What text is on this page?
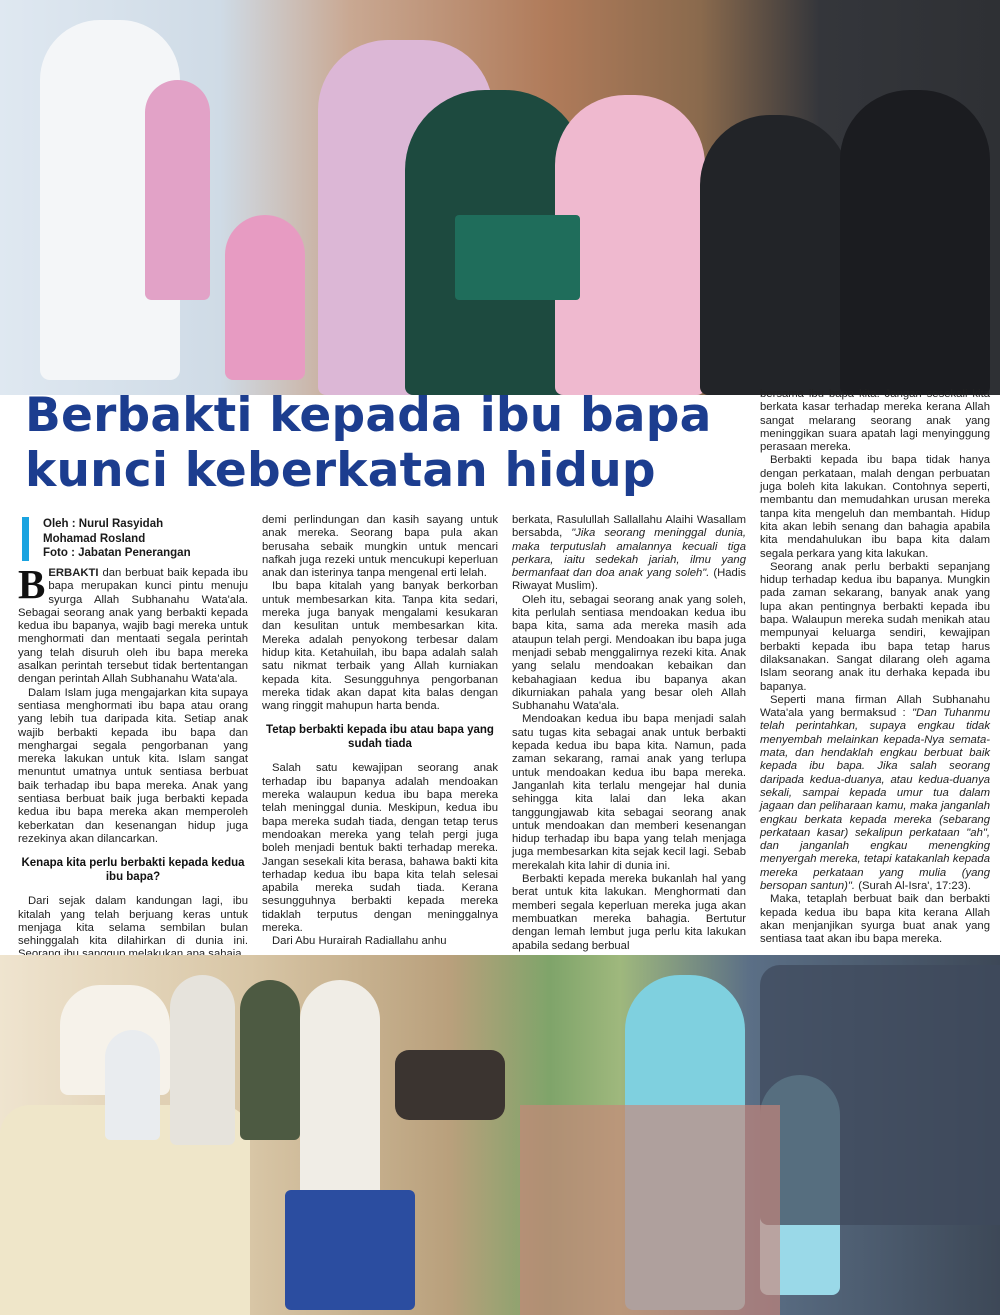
Berbakti kepada ibu bapa
kunci keberkatan hidup
Oleh : Nurul Rasyidah
Mohamad Rosland
Foto : Jabatan Penerangan

BERBAKTI dan berbuat baik kepada ibu bapa merupakan kunci pintu menuju syurga Allah Subhanahu Wata'ala. Sebagai seorang anak yang berbakti kepada kedua ibu bapanya, wajib bagi mereka untuk menghormati dan mentaati segala perintah yang telah disuruh oleh ibu bapa mereka asalkan perintah tersebut tidak bertentangan dengan perintah Allah Subhanahu Wata'ala.

Dalam Islam juga mengajarkan kita supaya sentiasa menghormati ibu bapa atau orang yang lebih tua daripada kita. Setiap anak wajib berbakti kepada ibu bapa dan menghargai segala pengorbanan yang mereka lakukan untuk kita. Islam sangat menuntut umatnya untuk sentiasa berbuat baik terhadap ibu bapa mereka. Anak yang sentiasa berbuat baik juga berbakti kepada kedua ibu bapa mereka akan memperoleh keberkatan dan kesenangan hidup juga rezekinya akan dilancarkan.

Kenapa kita perlu berbakti kepada kedua ibu bapa?

Dari sejak dalam kandungan lagi, ibu kitalah yang telah berjuang keras untuk menjaga kita selama sembilan bulan sehinggalah kita dilahirkan di dunia ini.

demi perlindungan dan kasih sayang untuk anak mereka. Seorang bapa pula akan berusaha sebaik mungkin untuk mencari nafkah juga rezeki untuk mencukupi keperluan anak dan isterinya tanpa mengenal erti lelah.

Ibu bapa kitalah yang banyak berkorban untuk membesarkan kita. Tanpa kita sedari, mereka juga banyak mengalami kesukaran dan kesulitan untuk membesarkan kita. Mereka adalah penyokong terbesar dalam hidup kita. Ketahuilah, ibu bapa adalah salah satu nikmat terbaik yang Allah kurniakan kepada kita. Sesungguhnya pengorbanan mereka tidak akan dapat kita balas dengan wang ringgit mahupun harta benda.

Tetap berbakti kepada ibu atau bapa yang sudah tiada

Salah satu kewajipan seorang anak terhadap ibu bapanya adalah mendoakan mereka walaupun kedua ibu bapa mereka telah meninggal dunia. Meskipun, kedua ibu bapa mereka sudah tiada, dengan tetap terus mendoakan mereka yang telah pergi juga boleh menjadi bentuk bakti terhadap mereka. Jangan sesekali kita berasa, bahawa bakti kita terhadap kedua ibu bapa kita telah selesai apabila mereka sudah tiada. Kerana sesungguhnya berbakti kepada mereka tidaklah terputus dengan meninggalnya mereka.

Dari Abu Hurairah Radiallahu anhu

berkata, Rasulullah Sallallahu Alaihi Wasallam bersabda, "Jika seorang meninggal dunia, maka terputuslah amalannya kecuali tiga perkara, iaitu sedekah jariah, ilmu yang bermanfaat dan doa anak yang soleh". (Hadis Riwayat Muslim).

Oleh itu, sebagai seorang anak yang soleh, kita perlulah sentiasa mendoakan kedua ibu bapa kita, sama ada mereka masih ada ataupun telah pergi. Mendoakan ibu bapa juga menjadi sebab menggalirnya rezeki kita. Anak yang selalu mendoakan kebaikan dan kebahagiaan kedua ibu bapanya akan dikurniakan pahala yang besar oleh Allah Subhanahu Wata'ala.

Mendoakan kedua ibu bapa menjadi salah satu tugas kita sebagai anak untuk berbakti kepada kedua ibu bapa kita. Namun, pada zaman sekarang, ramai anak yang terlupa untuk mendoakan kedua ibu bapa mereka. Janganlah kita terlalu mengejar hal dunia sehingga kita lalai dan leka akan tanggungjawab kita sebagai seorang anak untuk mendoakan dan memberi kesenangan hidup terhadap ibu bapa yang telah menjaga juga membesarkan kita sejak kecil lagi. Sebab merekalah kita lahir di dunia ini.

Berbakti kepada mereka bukanlah hal yang berat untuk kita lakukan. Menghormati dan memberi segala keperluan mereka juga akan membuatkan mereka bahagia. Bertutur dengan lemah lembut juga perlu kita lakukan apabila sedang berbual

bersama ibu bapa kita. Jangan sesekali kita berkata kasar terhadap mereka kerana Allah sangat melarang seorang anak yang meninggikan suara apatah lagi menyinggung perasaan mereka.

Berbakti kepada ibu bapa tidak hanya dengan perkataan, malah dengan perbuatan juga boleh kita lakukan. Contohnya seperti, membantu dan memudahkan urusan mereka tanpa kita mengeluh dan membantah. Hidup kita akan lebih senang dan bahagia apabila kita mendahulukan ibu bapa kita dalam segala perkara yang kita lakukan.

Seorang anak perlu berbakti sepanjang hidup terhadap kedua ibu bapanya. Mungkin pada zaman sekarang, banyak anak yang lupa akan pentingnya berbakti kepada ibu bapa. Walaupun mereka sudah menikah atau mempunyai keluarga sendiri, kewajipan berbakti kepada ibu bapa tetap harus dilaksanakan. Sangat dilarang oleh agama Islam seorang anak itu derhaka kepada ibu bapanya.

Seperti mana firman Allah Subhanahu Wata'ala yang bermaksud : "Dan Tuhanmu telah perintahkan, supaya engkau tidak menyembah melainkan kepada-Nya semata-mata, dan hendaklah engkau berbuat baik kepada ibu bapa. Jika salah seorang daripada kedua-duanya, atau kedua-duanya sekali, sampai kepada umur tua dalam jagaan dan peliharaan kamu, maka janganlah engkau berkata kepada mereka (sebarang perkataan kasar) sekalipun perkataan "ah", dan janganlah engkau menengking menyergah mereka, tetapi katakanlah kepada mereka perkataan yang mulia (yang bersopan santun)". (Surah Al-Isra', 17:23).

Maka, tetaplah berbuat baik dan berbakti kepada kedua ibu bapa kita kerana Allah akan menjanjikan syurga buat anak yang sentiasa taat akan ibu bapa mereka.
